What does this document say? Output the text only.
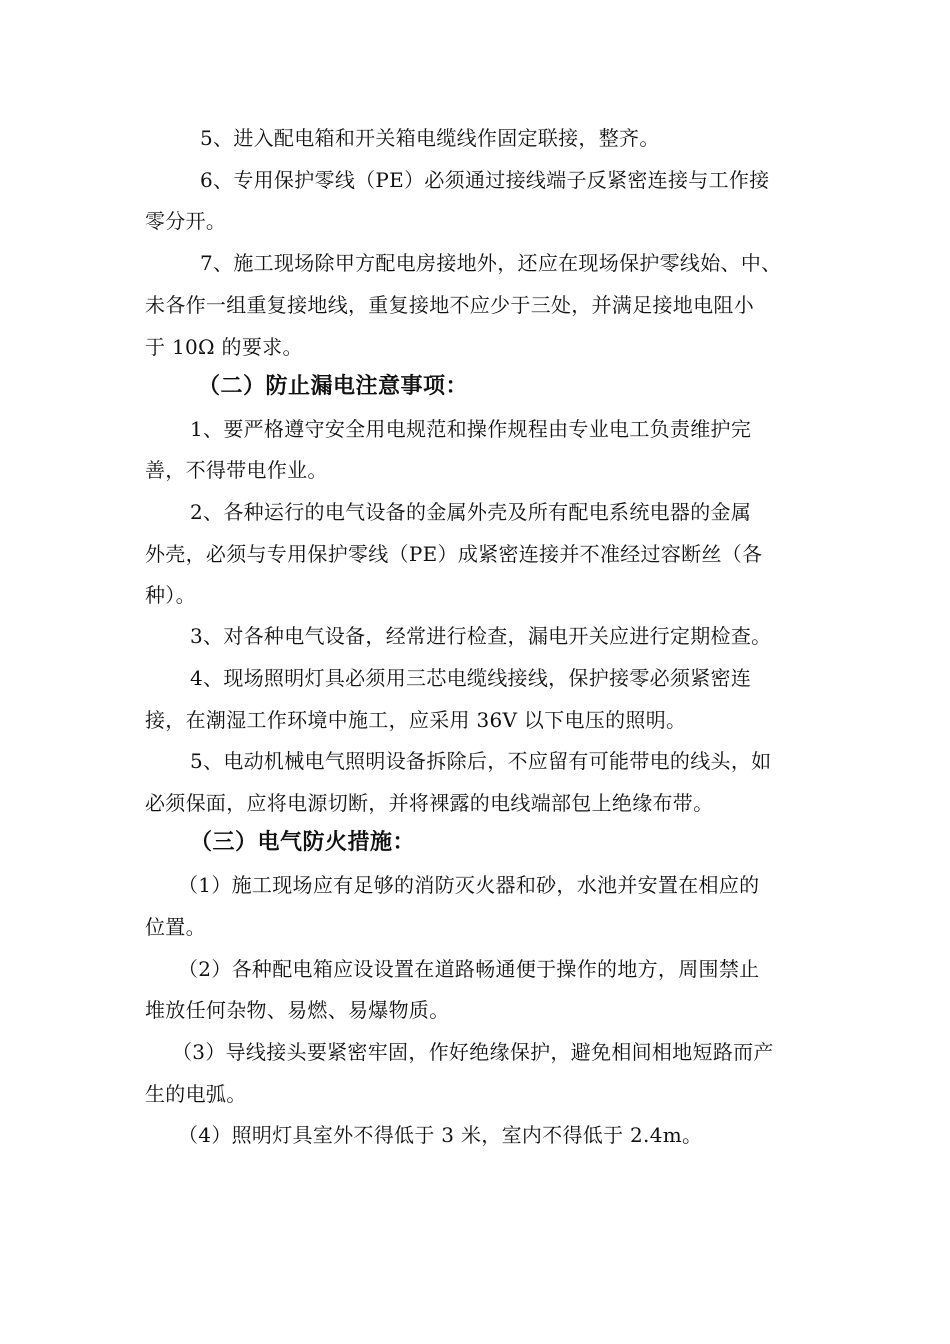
5、进入配电箱和开关箱电缆线作固定联接，整齐。
6、专用保护零线（PE）必须通过接线端子反紧密连接与工作接
零分开。
7、施工现场除甲方配电房接地外，还应在现场保护零线始、中、
未各作一组重复接地线，重复接地不应少于三处，并满足接地电阻小
于 10Ω 的要求。
（二）防止漏电注意事项：
1、要严格遵守安全用电规范和操作规程由专业电工负责维护完
善，不得带电作业。
2、各种运行的电气设备的金属外壳及所有配电系统电器的金属
外壳，必须与专用保护零线（PE）成紧密连接并不准经过容断丝（各
种）。
3、对各种电气设备，经常进行检查，漏电开关应进行定期检查。
4、现场照明灯具必须用三芯电缆线接线，保护接零必须紧密连
接，在潮湿工作环境中施工，应采用 36V 以下电压的照明。
5、电动机械电气照明设备拆除后，不应留有可能带电的线头，如
必须保面，应将电源切断，并将裸露的电线端部包上绝缘布带。
（三）电气防火措施：
（1）施工现场应有足够的消防灭火器和砂，水池并安置在相应的
位置。
（2）各种配电箱应设设置在道路畅通便于操作的地方，周围禁止
堆放任何杂物、易燃、易爆物质。
（3）导线接头要紧密牢固，作好绝缘保护，避免相间相地短路而产
生的电弧。
（4）照明灯具室外不得低于 3 米，室内不得低于 2.4m。
